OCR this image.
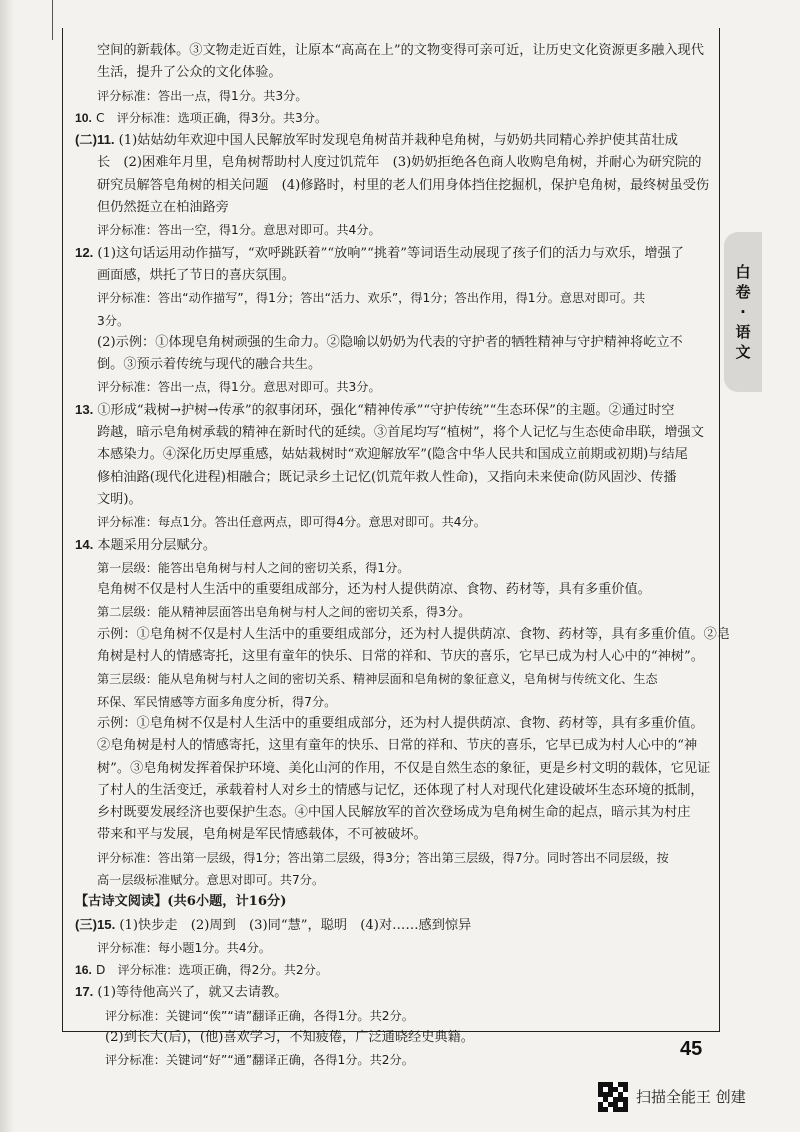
空间的新载体。③文物走近百姓，让原本“高高在上”的文物变得可亲可近，让历史文化资源更多融入现代
生活，提升了公众的文化体验。
评分标准：答出一点，得1分。共3分。
10. C　评分标准：选项正确，得3分。共3分。
(二)11. (1)姑姑幼年欢迎中国人民解放军时发现皂角树苗并栽种皂角树，与奶奶共同精心养护使其苗壮成
长　(2)困难年月里，皂角树帮助村人度过饥荒年　(3)奶奶拒绝各色商人收购皂角树，并耐心为研究院的
研究员解答皂角树的相关问题　(4)修路时，村里的老人们用身体挡住挖掘机，保护皂角树，最终树虽受伤
但仍然挺立在柏油路旁
评分标准：答出一空，得1分。意思对即可。共4分。
12. (1)这句话运用动作描写，“欢呼跳跃着”“放响”“挑着”等词语生动展现了孩子们的活力与欢乐，增强了
画面感，烘托了节日的喜庆氛围。
评分标准：答出“动作描写”，得1分；答出“活力、欢乐”，得1分；答出作用，得1分。意思对即可。共
3分。
(2)示例：①体现皂角树顽强的生命力。②隐喻以奶奶为代表的守护者的牺牲精神与守护精神将屹立不
倒。③预示着传统与现代的融合共生。
评分标准：答出一点，得1分。意思对即可。共3分。
13. ①形成“栽树→护树→传承”的叙事闭环，强化“精神传承”“守护传统”“生态环保”的主题。②通过时空
跨越，暗示皂角树承载的精神在新时代的延续。③首尾均写“植树”，将个人记忆与生态使命串联，增强文
本感染力。④深化历史厚重感，姑姑栽树时“欢迎解放军”(隐含中华人民共和国成立前期或初期)与结尾
修柏油路(现代化进程)相融合；既记录乡土记忆(饥荒年救人性命)，又指向未来使命(防风固沙、传播
文明)。
评分标准：每点1分。答出任意两点，即可得4分。意思对即可。共4分。
14. 本题采用分层赋分。
第一层级：能答出皂角树与村人之间的密切关系，得1分。
皂角树不仅是村人生活中的重要组成部分，还为村人提供荫凉、食物、药材等，具有多重价值。
第二层级：能从精神层面答出皂角树与村人之间的密切关系，得3分。
示例：①皂角树不仅是村人生活中的重要组成部分，还为村人提供荫凉、食物、药材等，具有多重价值。②皂
角树是村人的情感寄托，这里有童年的快乐、日常的祥和、节庆的喜乐，它早已成为村人心中的“神树”。
第三层级：能从皂角树与村人之间的密切关系、精神层面和皂角树的象征意义，皂角树与传统文化、生态
环保、军民情感等方面多角度分析，得7分。
示例：①皂角树不仅是村人生活中的重要组成部分，还为村人提供荫凉、食物、药材等，具有多重价值。
②皂角树是村人的情感寄托，这里有童年的快乐、日常的祥和、节庆的喜乐，它早已成为村人心中的“神
树”。③皂角树发挥着保护环境、美化山河的作用，不仅是自然生态的象征，更是乡村文明的载体，它见证
了村人的生活变迁，承载着村人对乡土的情感与记忆，还体现了村人对现代化建设破坏生态环境的抵制，
乡村既要发展经济也要保护生态。④中国人民解放军的首次登场成为皂角树生命的起点，暗示其为村庄
带来和平与发展，皂角树是军民情感载体，不可被破坏。
评分标准：答出第一层级，得1分；答出第二层级，得3分；答出第三层级，得7分。同时答出不同层级，按
高一层级标准赋分。意思对即可。共7分。
【古诗文阅读】(共6小题，计16分)
(三)15. (1)快步走　(2)周到　(3)同“慧”，聪明　(4)对……感到惊异
评分标准：每小题1分。共4分。
16. D　评分标准：选项正确，得2分。共2分。
17. (1)等待他高兴了，就又去请教。
评分标准：关键词“俟”“请”翻译正确，各得1分。共2分。
(2)到长大(后)，(他)喜欢学习，不知疲倦，广泛通晓经史典籍。
评分标准：关键词“好”“通”翻译正确，各得1分。共2分。
白
卷
·
语
文
45
扫描全能王 创建
